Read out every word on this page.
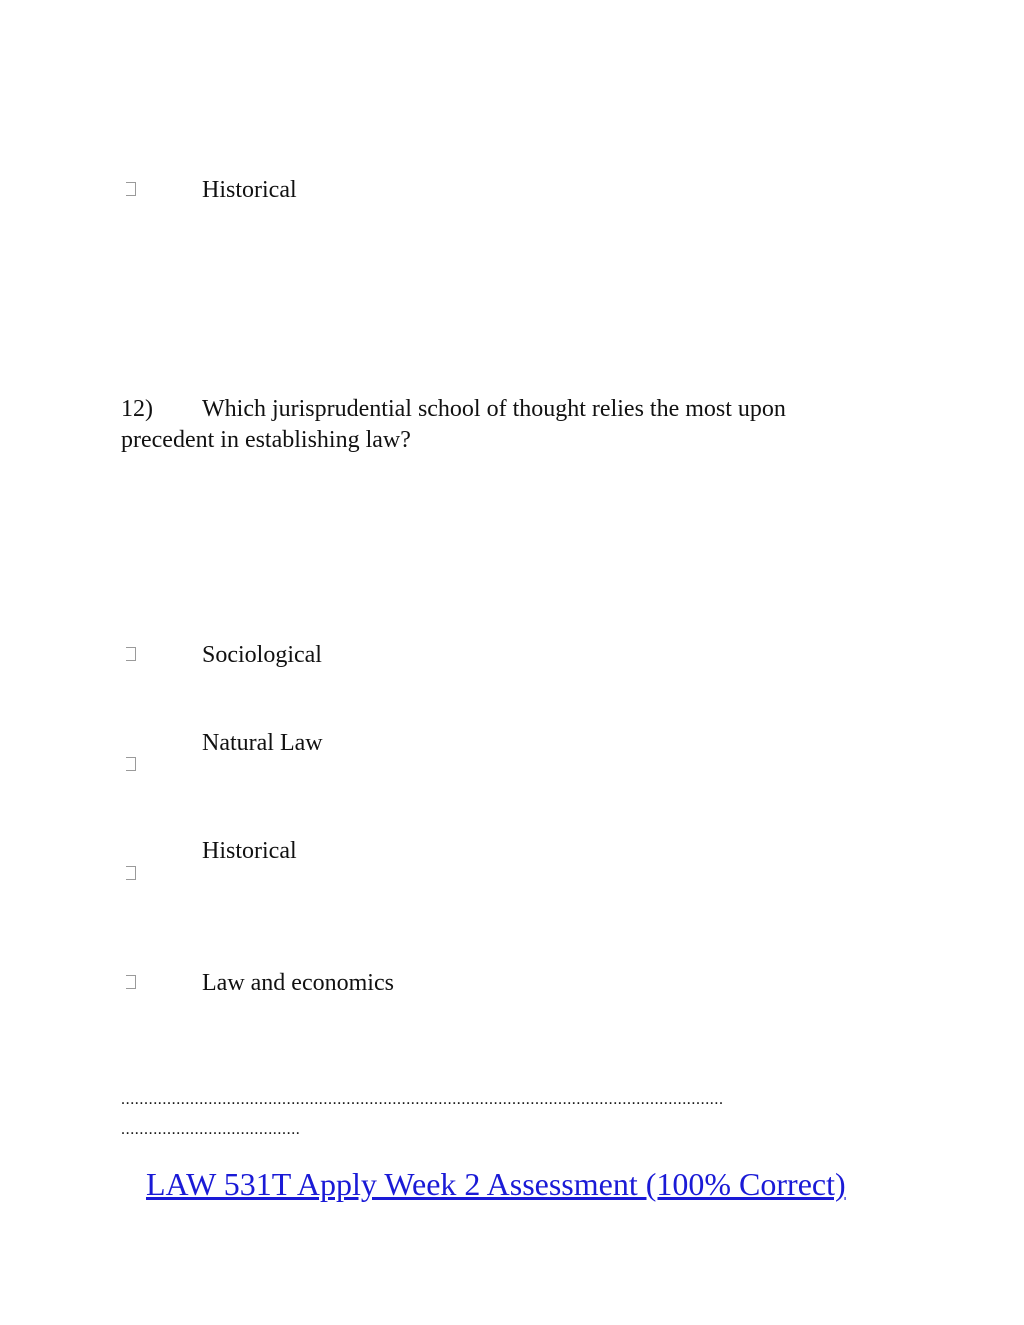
Historical
12) Which jurisprudential school of thought relies the most upon
precedent in establishing law?
Sociological
Natural Law
Historical
Law and economics
...................................................................................................................................
.......................................
LAW 531T Apply Week 2 Assessment (100% Correct)
